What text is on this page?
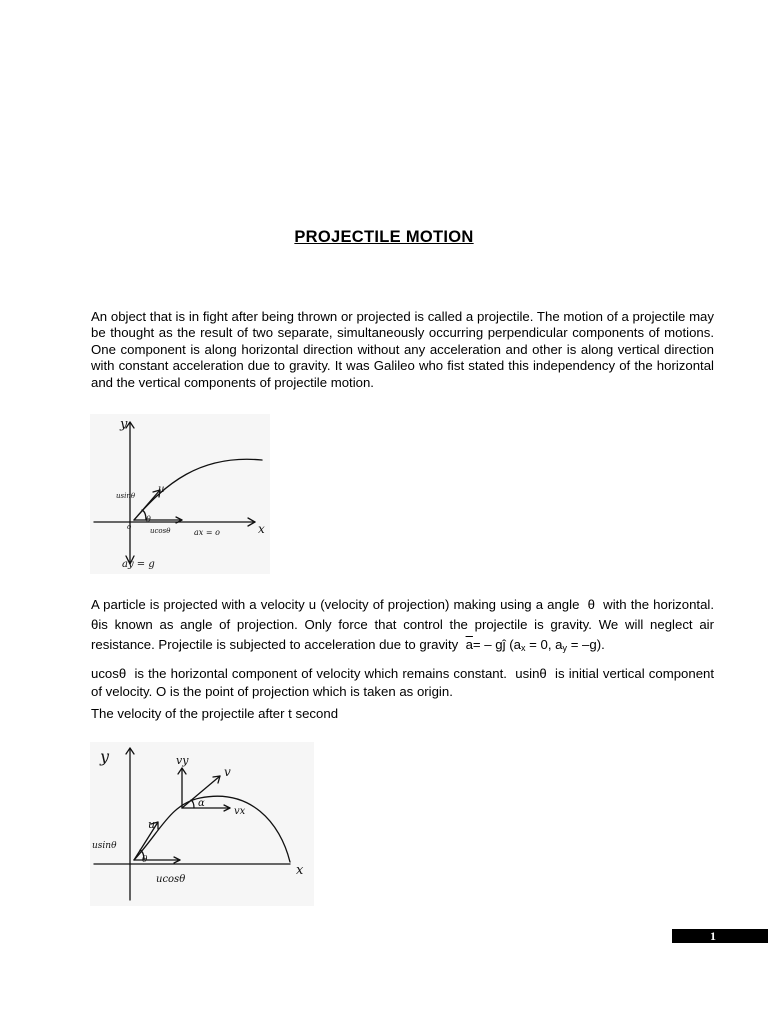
PROJECTILE MOTION

An object that is in fight after being thrown or projected is called a projectile. The motion of a projectile may be thought as the result of two separate, simultaneously occurring perpendicular components of motions. One component is along horizontal direction without any acceleration and other is along vertical direction with constant acceleration due to gravity. It was Galileo who fist stated this independency of the horizontal and the vertical components of projectile motion.

y
x
u
usinθ
θ
o	ucosθ	ax = o
ay = g

A particle is projected with a velocity u (velocity of projection) making using a angle θ with the horizontal. θis known as angle of projection. Only force that control the projectile is gravity. We will neglect air resistance. Projectile is subjected to acceleration due to gravity $\overline{a}=$ – gĵ ($a_x = 0$, $a_y = -g$).

ucosθ is the horizontal component of velocity which remains constant. usinθ is initial vertical component of velocity. O is the point of projection which is taken as origin.

The velocity of the projectile after t second

y
x
vy
v
α
vx
u
usinθ
θ
ucosθ
1
